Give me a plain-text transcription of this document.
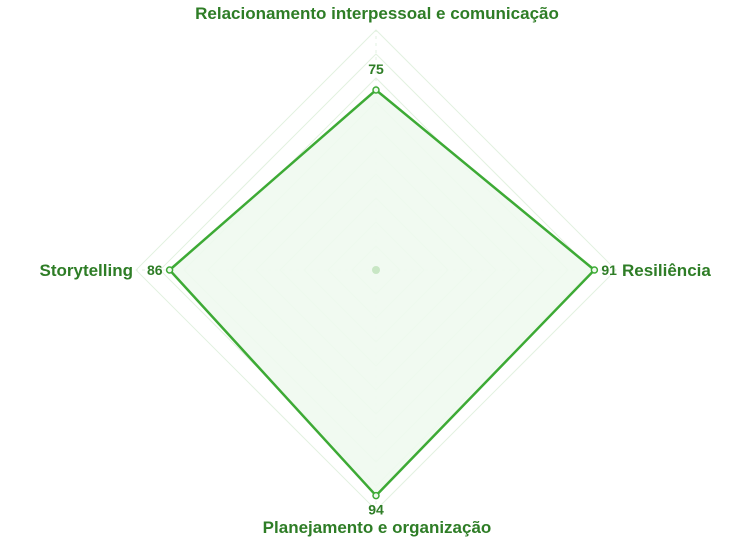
Relacionamento interpessoal e comunicação
Resiliência
Planejamento e organização
Storytelling
75
91
94
86
